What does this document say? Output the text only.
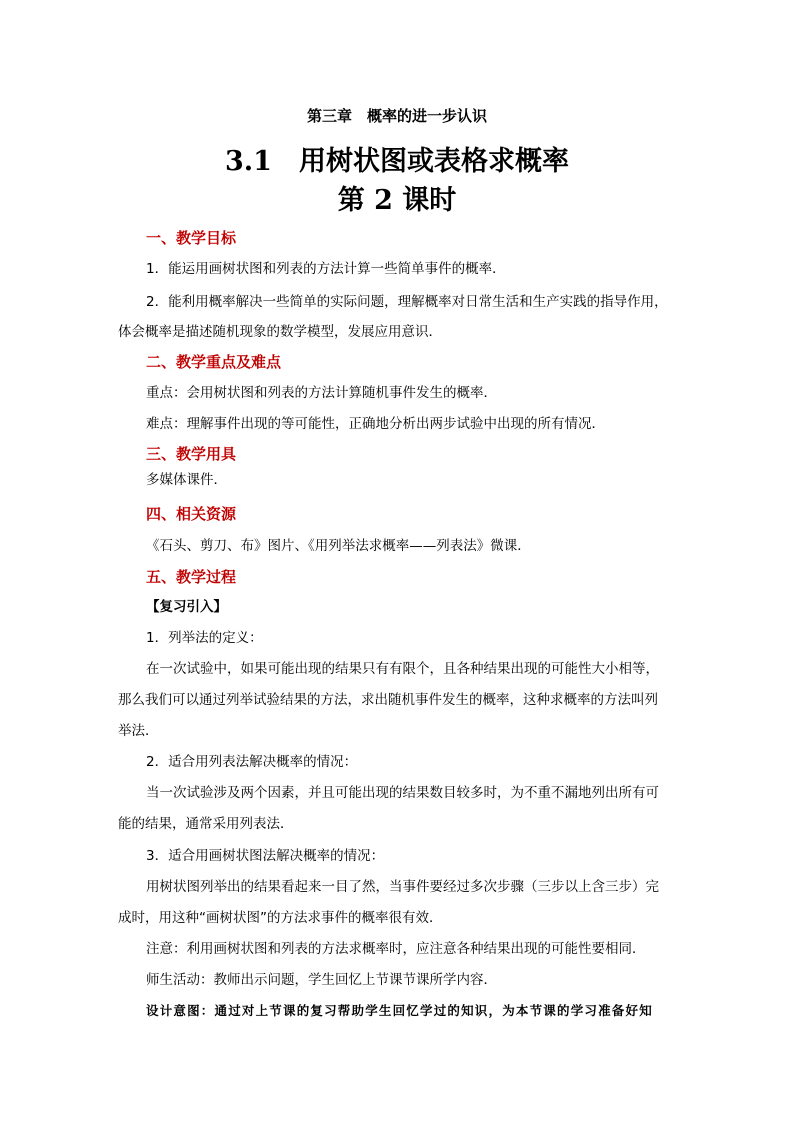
第三章　概率的进一步认识
3.1　用树状图或表格求概率
第 2 课时
一、教学目标
1．能运用画树状图和列表的方法计算一些简单事件的概率．
2．能利用概率解决一些简单的实际问题，理解概率对日常生活和生产实践的指导作用，
体会概率是描述随机现象的数学模型，发展应用意识．
二、教学重点及难点
重点：会用树状图和列表的方法计算随机事件发生的概率．
难点：理解事件出现的等可能性，正确地分析出两步试验中出现的所有情况．
三、教学用具
多媒体课件．
四、相关资源
《石头、剪刀、布》图片、《用列举法求概率——列表法》微课．
五、教学过程
【复习引入】
1．列举法的定义：
在一次试验中，如果可能出现的结果只有有限个，且各种结果出现的可能性大小相等，
那么我们可以通过列举试验结果的方法，求出随机事件发生的概率，这种求概率的方法叫列
举法．
2．适合用列表法解决概率的情况：
当一次试验涉及两个因素，并且可能出现的结果数目较多时，为不重不漏地列出所有可
能的结果，通常采用列表法．
3．适合用画树状图法解决概率的情况：
用树状图列举出的结果看起来一目了然，当事件要经过多次步骤（三步以上含三步）完
成时，用这种“画树状图”的方法求事件的概率很有效．
注意：利用画树状图和列表的方法求概率时，应注意各种结果出现的可能性要相同．
师生活动：教师出示问题，学生回忆上节课节课所学内容．
设计意图：通过对上节课的复习帮助学生回忆学过的知识，为本节课的学习准备好知
